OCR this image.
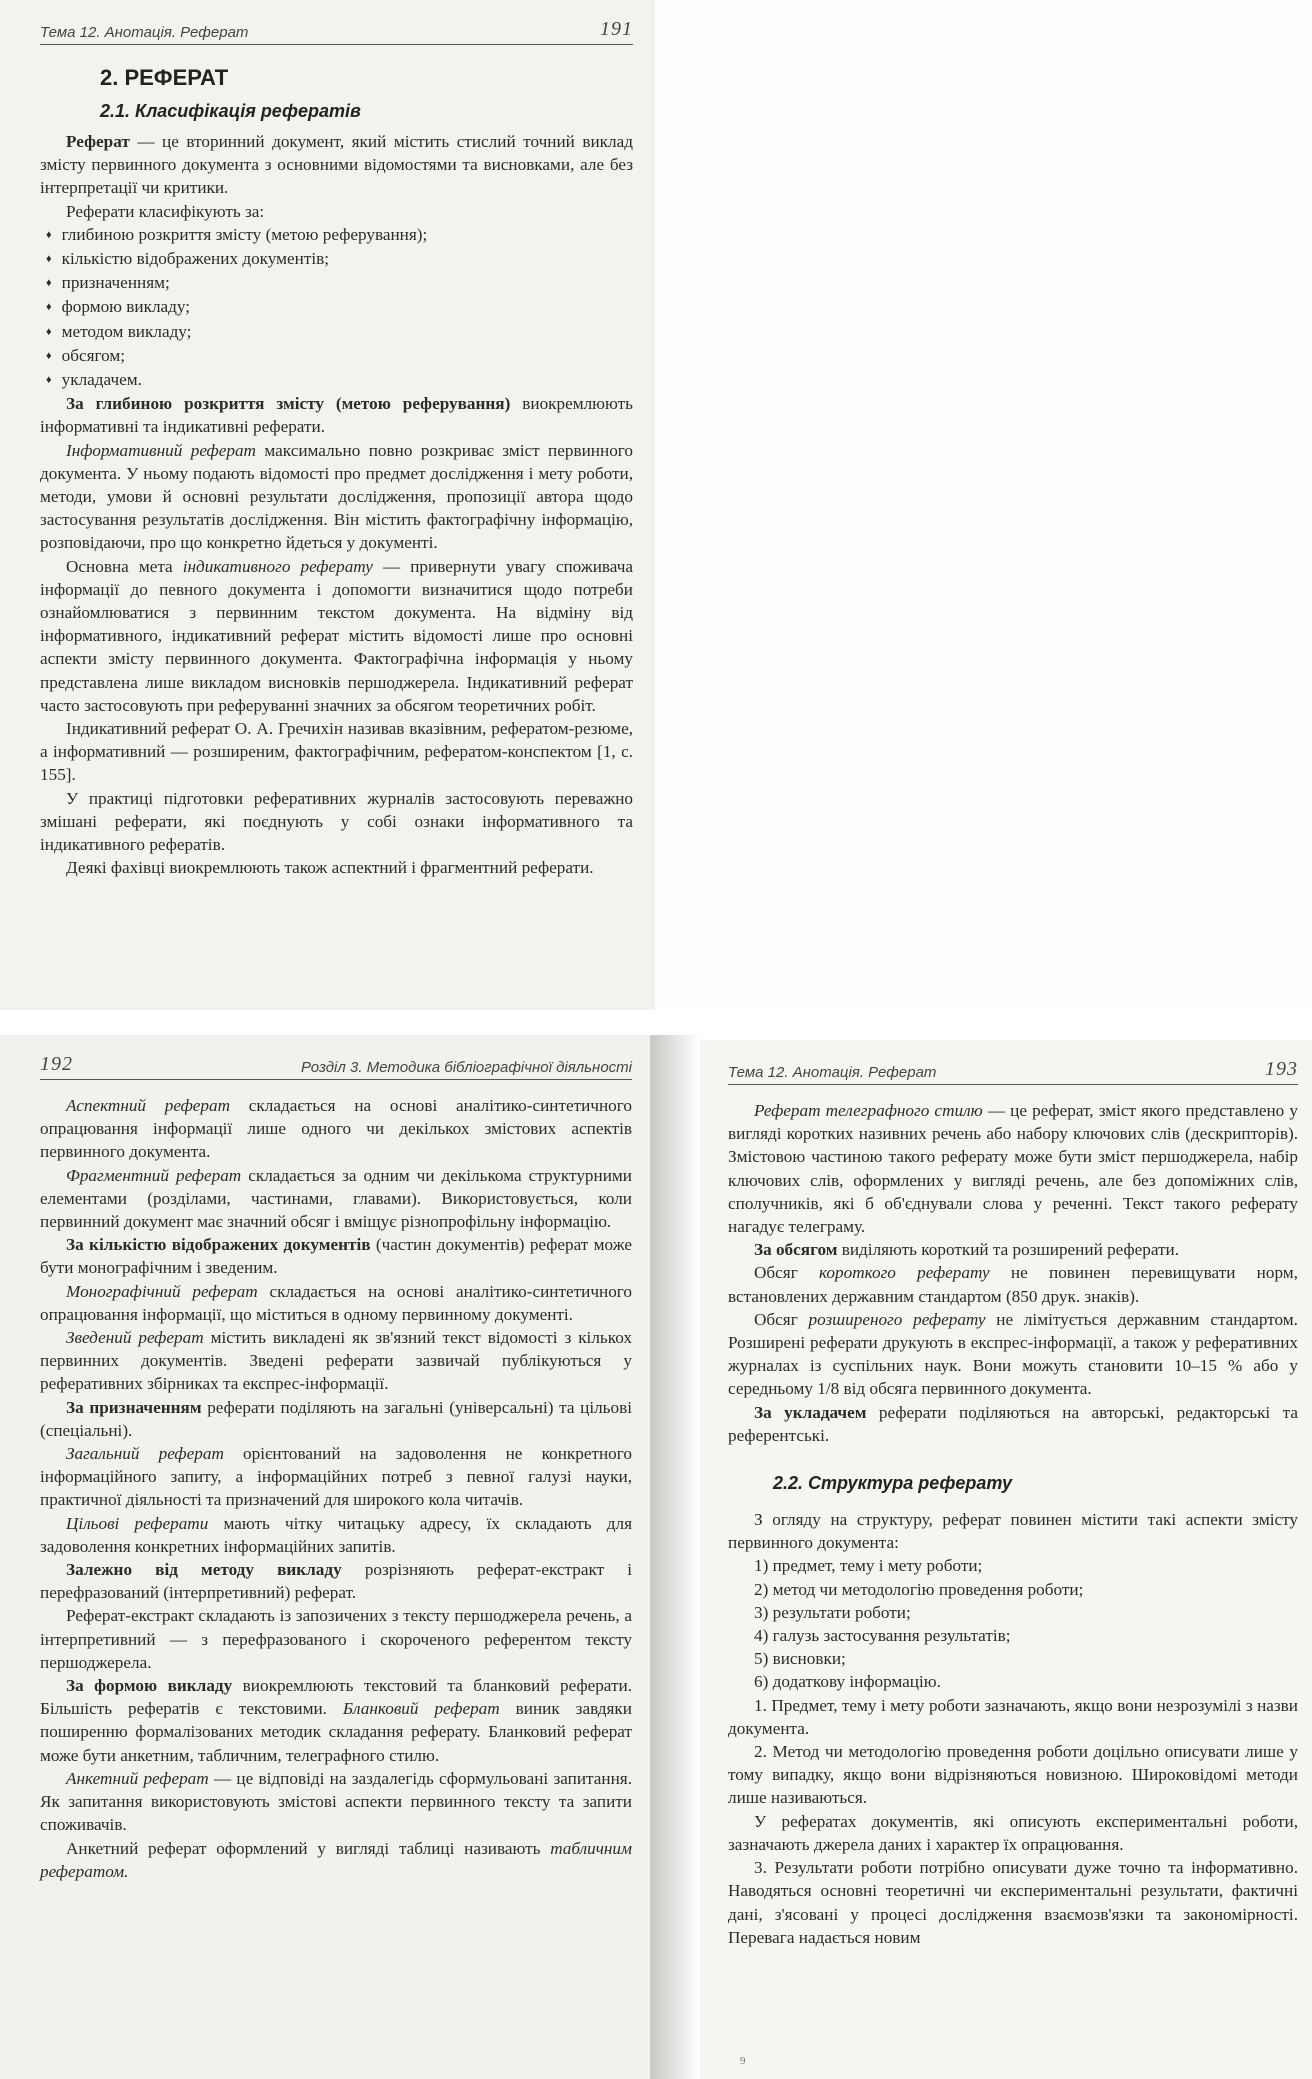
Тема 12. Анотація. Реферат	191
2. РЕФЕРАТ
2.1. Класифікація рефератів

Реферат — це вторинний документ, який містить стислий точний виклад змісту первинного документа з основними відомостями та висновками, але без інтерпретації чи критики.

Реферати класифікують за:

♦ глибиною розкриття змісту (метою реферування);
♦ кількістю відображених документів;
♦ призначенням;
♦ формою викладу;
♦ методом викладу;
♦ обсягом;
♦ укладачем.

За глибиною розкриття змісту (метою реферування) виокремлюють інформативні та індикативні реферати.

Інформативний реферат максимально повно розкриває зміст первинного документа. У ньому подають відомості про предмет дослідження і мету роботи, методи, умови й основні результати дослідження, пропозиції автора щодо застосування результатів дослідження. Він містить фактографічну інформацію, розповідаючи, про що конкретно йдеться у документі.

Основна мета індикативного реферату — привернути увагу споживача інформації до певного документа і допомогти визначитися щодо потреби ознайомлюватися з первинним текстом документа. На відміну від інформативного, індикативний реферат містить відомості лише про основні аспекти змісту первинного документа. Фактографічна інформація у ньому представлена лише викладом висновків першоджерела. Індикативний реферат часто застосовують при реферуванні значних за обсягом теоретичних робіт.

Індикативний реферат О. А. Гречихін називав вказівним, рефератом-резюме, а інформативний — розширеним, фактографічним, рефератом-конспектом [1, с. 155].

У практиці підготовки реферативних журналів застосовують переважно змішані реферати, які поєднують у собі ознаки інформативного та індикативного рефератів.

Деякі фахівці виокремлюють також аспектний і фрагментний реферати.

192	Розділ 3. Методика бібліографічної діяльності

Аспектний реферат складається на основі аналітико-синтетичного опрацювання інформації лише одного чи декількох змістових аспектів первинного документа.

Фрагментний реферат складається за одним чи декількома структурними елементами (розділами, частинами, главами). Використовується, коли первинний документ має значний обсяг і вміщує різнопрофільну інформацію.

За кількістю відображених документів (частин документів) реферат може бути монографічним і зведеним.

Монографічний реферат складається на основі аналітико-синтетичного опрацювання інформації, що міститься в одному первинному документі.

Зведений реферат містить викладені як зв'язний текст відомості з кількох первинних документів. Зведені реферати зазвичай публікуються у реферативних збірниках та експрес-інформації.

За призначенням реферати поділяють на загальні (універсальні) та цільові (спеціальні).

Загальний реферат орієнтований на задоволення не конкретного інформаційного запиту, а інформаційних потреб з певної галузі науки, практичної діяльності та призначений для широкого кола читачів.

Цільові реферати мають чітку читацьку адресу, їх складають для задоволення конкретних інформаційних запитів.

Залежно від методу викладу розрізняють реферат-екстракт і перефразований (інтерпретивний) реферат.

Реферат-екстракт складають із запозичених з тексту першоджерела речень, а інтерпретивний — з перефразованого і скороченого референтом тексту першоджерела.

За формою викладу виокремлюють текстовий та бланковий реферати. Більшість рефератів є текстовими. Бланковий реферат виник завдяки поширенню формалізованих методик складання реферату. Бланковий реферат може бути анкетним, табличним, телеграфного стилю.

Анкетний реферат — це відповіді на заздалегідь сформульовані запитання. Як запитання використовують змістові аспекти первинного тексту та запити споживачів.

Анкетний реферат оформлений у вигляді таблиці називають табличним рефератом.

Тема 12. Анотація. Реферат	193

Реферат телеграфного стилю — це реферат, зміст якого представлено у вигляді коротких називних речень або набору ключових слів (дескрипторів). Змістовою частиною такого реферату може бути зміст першоджерела, набір ключових слів, оформлених у вигляді речень, але без допоміжних слів, сполучників, які б об'єднували слова у реченні. Текст такого реферату нагадує телеграму.

За обсягом виділяють короткий та розширений реферати.

Обсяг короткого реферату не повинен перевищувати норм, встановлених державним стандартом (850 друк. знаків).

Обсяг розширеного реферату не лімітується державним стандартом. Розширені реферати друкують в експрес-інформації, а також у реферативних журналах із суспільних наук. Вони можуть становити 10–15 % або у середньому 1/8 від обсяга первинного документа.

За укладачем реферати поділяються на авторські, редакторські та референтські.

2.2. Структура реферату

З огляду на структуру, реферат повинен містити такі аспекти змісту первинного документа:

1) предмет, тему і мету роботи;

2) метод чи методологію проведення роботи;

3) результати роботи;

4) галузь застосування результатів;

5) висновки;

6) додаткову інформацію.

1. Предмет, тему і мету роботи зазначають, якщо вони незрозумілі з назви документа.

2. Метод чи методологію проведення роботи доцільно описувати лише у тому випадку, якщо вони відрізняються новизною. Широковідомі методи лише називаються.

У рефератах документів, які описують експериментальні роботи, зазначають джерела даних і характер їх опрацювання.

3. Результати роботи потрібно описувати дуже точно та інформативно. Наводяться основні теоретичні чи експериментальні результати, фактичні дані, з'ясовані у процесі дослідження взаємозв'язки та закономірності. Перевага надається новим

9
